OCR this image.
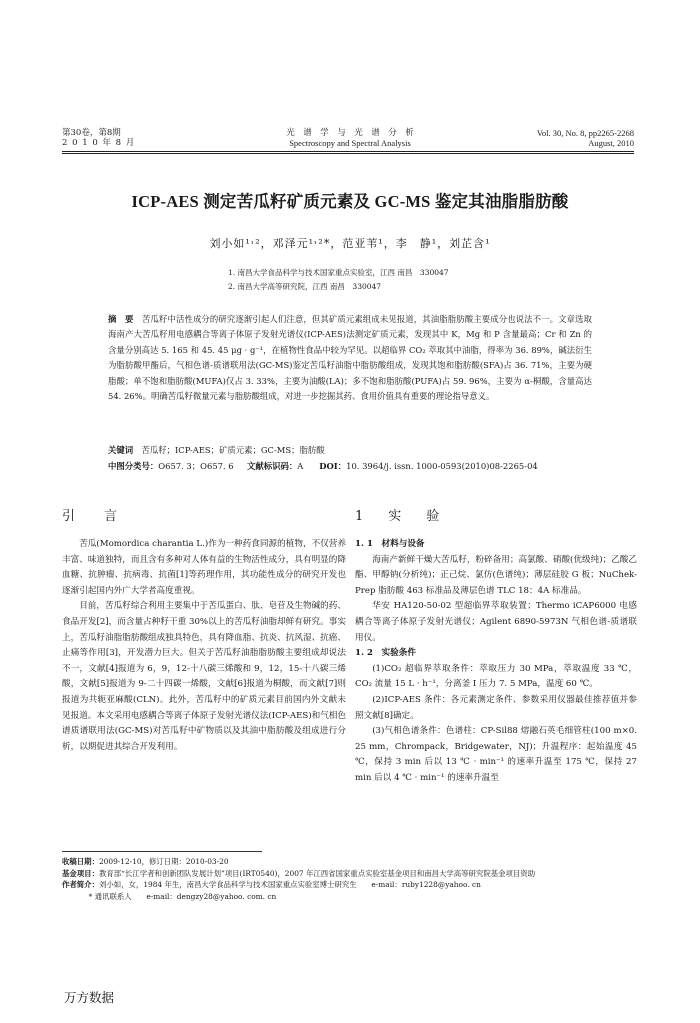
第30卷，第8期
2 0 1 0 年 8 月
光　谱　学　与　光　谱　分　析
Spectroscopy and Spectral Analysis
Vol. 30, No. 8, pp2265-2268
August, 2010
ICP-AES 测定苦瓜籽矿质元素及 GC-MS 鉴定其油脂脂肪酸
刘小如¹˒²，邓泽元¹˒²*，范亚苇¹，李　静¹，刘芷含¹
1. 南昌大学食品科学与技术国家重点实验室，江西 南昌　330047
2. 南昌大学高等研究院，江西 南昌　330047
摘　要　 苦瓜籽中活性成分的研究逐渐引起人们注意，但其矿质元素组成未见报道，其油脂脂肪酸主要成分也说法不一。文章选取海南产大苦瓜籽用电感耦合等离子体原子发射光谱仪(ICP-AES)法测定矿质元素，发现其中 K，Mg 和 P 含量最高；Cr 和 Zn 的含量分别高达 5. 165 和 45. 45 μg · g⁻¹，在植物性食品中较为罕见。以超临界 CO₂ 萃取其中油脂，得率为 36. 89%，碱法衍生为脂肪酸甲酯后，气相色谱-质谱联用法(GC-MS)鉴定苦瓜籽油脂中脂肪酸组成，发现其饱和脂肪酸(SFA)占 36. 71%，主要为硬脂酸；单不饱和脂肪酸(MUFA)仅占 3. 33%，主要为油酸(LA)；多不饱和脂肪酸(PUFA)占 59. 96%，主要为 α-桐酸，含量高达 54. 26%。明确苦瓜籽微量元素与脂肪酸组成，对进一步挖掘其药、食用价值具有重要的理论指导意义。
关键词　 苦瓜籽；ICP-AES；矿质元素；GC-MS；脂肪酸
中图分类号：O657. 3；O657. 6 文献标识码：A DOI：10. 3964/j. issn. 1000-0593(2010)08-2265-04
引　言

苦瓜(Momordica charantia L.)作为一种药食同源的植物，不仅营养丰富、味道独特，而且含有多种对人体有益的生物活性成分，具有明显的降血糖、抗肿瘤、抗病毒、抗菌[1]等药理作用，其功能性成分的研究开发也逐渐引起国内外广大学者高度重视。

目前，苦瓜籽综合利用主要集中于苦瓜蛋白、肽、皂苷及生物碱的药、食品开发[2]，而含量占种籽干重 30%以上的苦瓜籽油脂却鲜有研究。事实上，苦瓜籽油脂脂肪酸组成独具特色，具有降血脂、抗炎、抗风湿、抗癌、止痛等作用[3]，开发潜力巨大。但关于苦瓜籽油脂脂肪酸主要组成却说法不一，文献[4]报道为 6，9，12-十八碳三烯酸和 9，12，15-十八碳三烯酸，文献[5]报道为 9-二十四碳一烯酸，文献[6]报道为桐酸，而文献[7]则报道为共轭亚麻酸(CLN)。此外，苦瓜籽中的矿质元素目前国内外文献未见报道。本文采用电感耦合等离子体原子发射光谱仪法(ICP-AES)和气相色谱质谱联用法(GC-MS)对苦瓜籽中矿物质以及其油中脂肪酸及组成进行分析，以期促进其综合开发利用。

1　实　验

1. 1　材料与设备

海南产新鲜干燥大苦瓜籽，粉碎备用；高氯酸、硝酸(优级纯)；乙酸乙酯、甲醇钠(分析纯)；正己烷、氯仿(色谱纯)；薄层硅胶 G 板；NuChek-Prep 脂肪酸 463 标准品及薄层色谱 TLC 18：4A 标准品。

华安 HA120-50-02 型超临界萃取装置；Thermo iCAP6000 电感耦合等离子体原子发射光谱仪；Agilent 6890-5973N 气相色谱-质谱联用仪。

1. 2　实验条件

(1)CO₂ 超临界萃取条件：萃取压力 30 MPa，萃取温度 33 ℃，CO₂ 流量 15 L · h⁻¹，分离釜 I 压力 7. 5 MPa，温度 60 ℃。

(2)ICP-AES 条件：各元素测定条件、参数采用仪器最佳推荐值并参照文献[8]确定。

(3)气相色谱条件：色谱柱：CP-Sil88 熔融石英毛细管柱(100 m×0. 25 mm，Chrompack，Bridgewater，NJ)；升温程序：起始温度 45 ℃，保持 3 min 后以 13 ℃ · min⁻¹ 的速率升温至 175 ℃，保持 27 min 后以 4 ℃ · min⁻¹ 的速率升温至

收稿日期：2009-12-10，修订日期：2010-03-20
基金项目：教育部“长江学者和创新团队发展计划”项目(IRT0540)，2007 年江西省国家重点实验室基金项目和南昌大学高等研究院基金项目资助
作者简介：刘小如，女，1984 年生，南昌大学食品科学与技术国家重点实验室博士研究生　　e-mail：ruby1228@yahoo. cn
* 通讯联系人　　e-mail：dengzy28@yahoo. com. cn
万方数据
